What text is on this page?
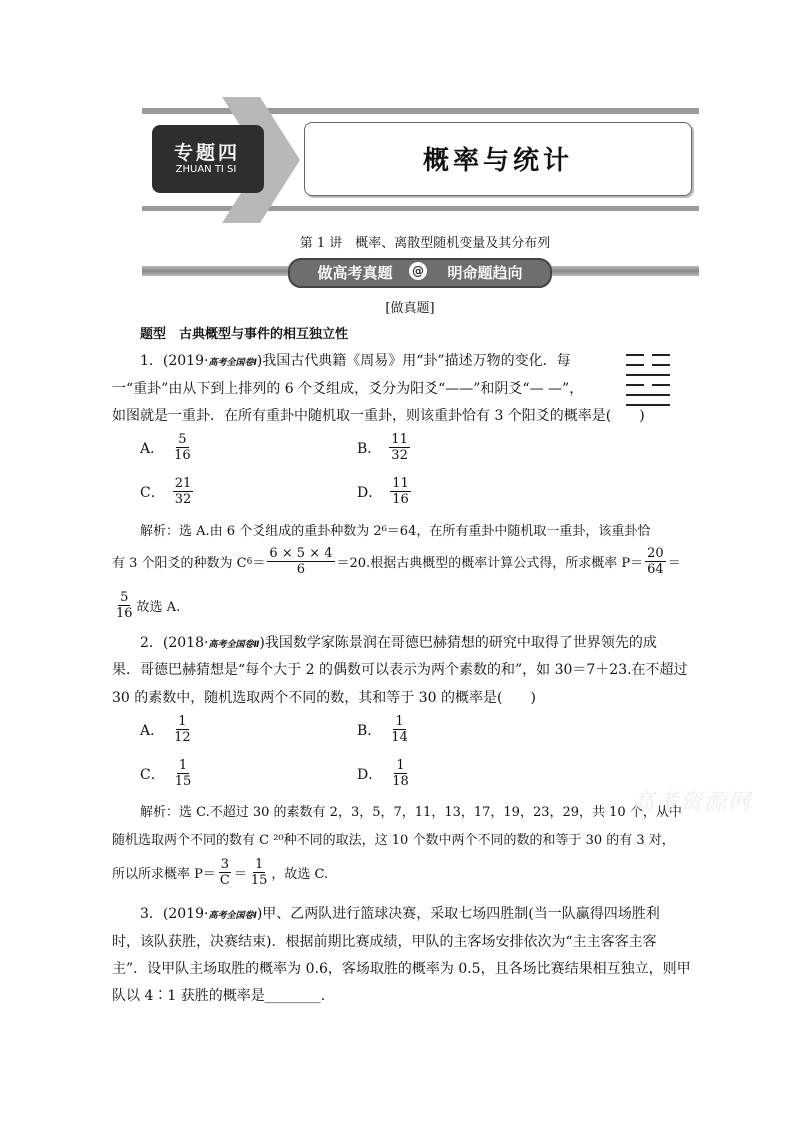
专题四
ZHUAN TI SI	概率与统计
第 1 讲　概率、离散型随机变量及其分布列
做高考真题	@	明命题趋向
[做真题]
题型　古典概型与事件的相互独立性
1．(2019·高考全国卷Ⅰ)我国古代典籍《周易》用“卦”描述万物的变化．每
一“重卦”由从下到上排列的 6 个爻组成，爻分为阳爻“——”和阴爻“— —”，
如图就是一重卦．在所有重卦中随机取一重卦，则该重卦恰有 3 个阳爻的概率是(　　)
A． $\frac{5}{16}$	B． $\frac{11}{32}$
C． $\frac{21}{32}$	D． $\frac{11}{16}$
解析：选 A.由 6 个爻组成的重卦种数为 2⁶＝64，在所有重卦中随机取一重卦，该重卦恰
有 3 个阳爻的种数为 C $6 = \frac{6 \times 5 \times 4}{6} =20$.根据古典概型的概率计算公式得，所求概率 $P= \frac{20}{64}$ ＝
$\frac{5}{16}$ 故选 A.
2．(2018·高考全国卷Ⅱ)我国数学家陈景润在哥德巴赫猜想的研究中取得了世界领先的成
果．哥德巴赫猜想是“每个大于 2 的偶数可以表示为两个素数的和”，如 30＝7＋23.在不超过
30 的素数中，随机选取两个不同的数，其和等于 30 的概率是(　　)
A． $\frac{1}{12}$	B． $\frac{1}{14}$
C． $\frac{1}{15}$	D． $\frac{1}{18}$
解析：选 C.不超过 30 的素数有 2，3，5，7，11，13，17，19，23，29，共 10 个，从中
随机选取两个不同的数有 C ²⁰种不同的取法，这 10 个数中两个不同的数的和等于 30 的有 3 对，
所以所求概率 $P= \frac{3}{C} = \frac{1}{15}$ ，故选 C.
3．(2019·高考全国卷Ⅰ)甲、乙两队进行篮球决赛，采取七场四胜制(当一队赢得四场胜利
时，该队获胜，决赛结束)．根据前期比赛成绩，甲队的主客场安排依次为“主主客客主客
主”．设甲队主场取胜的概率为 0.6，客场取胜的概率为 0.5，且各场比赛结果相互独立，则甲
队以 4∶1 获胜的概率是________.
高考资源网
